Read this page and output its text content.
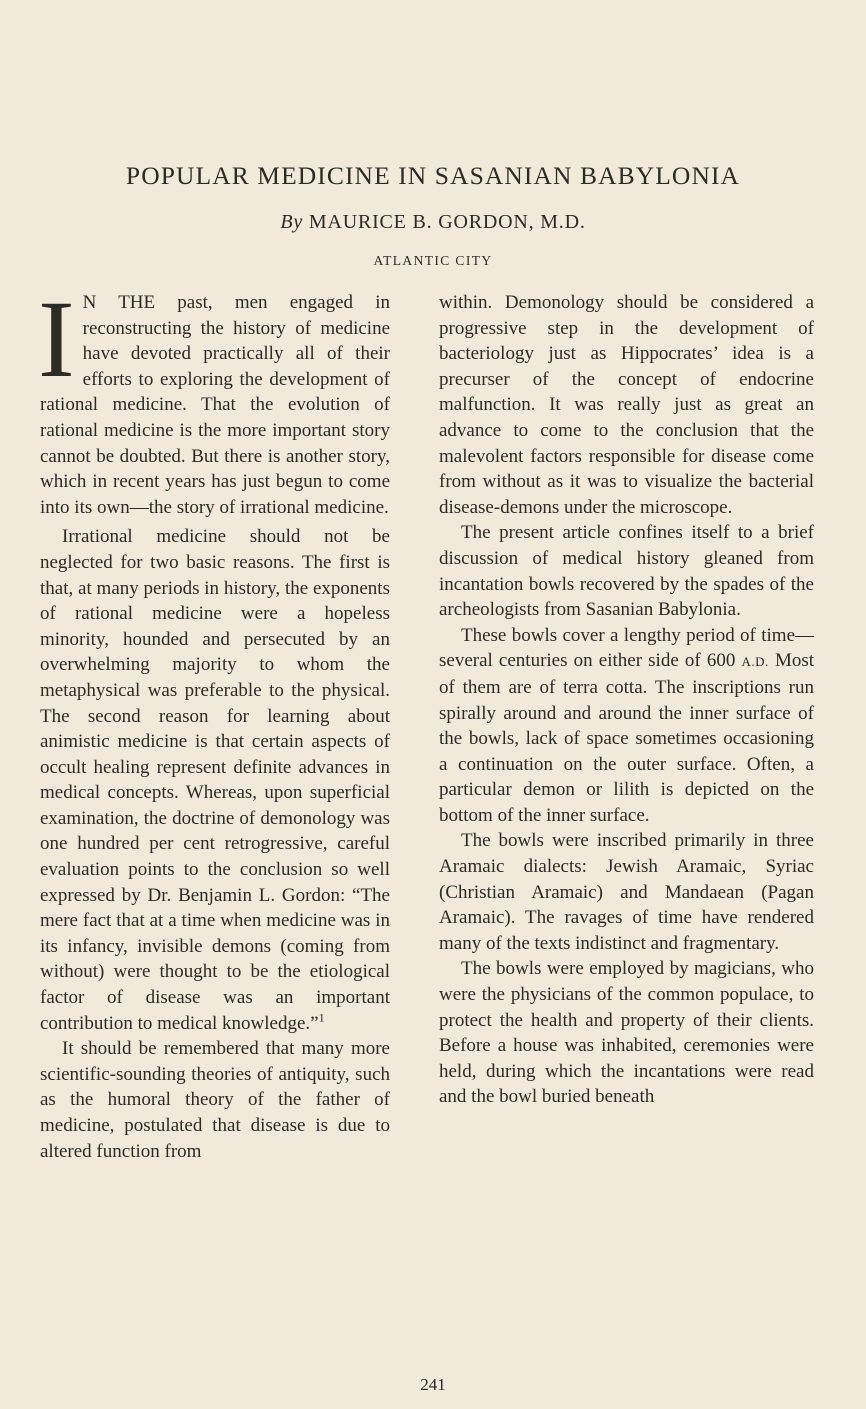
POPULAR MEDICINE IN SASANIAN BABYLONIA
By MAURICE B. GORDON, M.D.
ATLANTIC CITY

I N THE past, men engaged in reconstructing the history of medicine have devoted practically all of their efforts to exploring the development of rational medicine. That the evolution of rational medicine is the more important story cannot be doubted. But there is another story, which in recent years has just begun to come into its own—the story of irrational medicine.

Irrational medicine should not be neglected for two basic reasons. The first is that, at many periods in history, the exponents of rational medicine were a hopeless minority, hounded and persecuted by an overwhelming majority to whom the metaphysical was preferable to the physical. The second reason for learning about animistic medicine is that certain aspects of occult healing represent definite advances in medical concepts. Whereas, upon superficial examination, the doctrine of demonology was one hundred per cent retrogressive, careful evaluation points to the conclusion so well expressed by Dr. Benjamin L. Gordon: “The mere fact that at a time when medicine was in its infancy, invisible demons (coming from without) were thought to be the etiological factor of disease was an important contribution to medical knowledge.”$^1$

It should be remembered that many more scientific-sounding theories of antiquity, such as the humoral theory of the father of medicine, postulated that disease is due to altered function from

within. Demonology should be considered a progressive step in the development of bacteriology just as Hippocrates’ idea is a precurser of the concept of endocrine malfunction. It was really just as great an advance to come to the conclusion that the malevolent factors responsible for disease come from without as it was to visualize the bacterial disease-demons under the microscope.

The present article confines itself to a brief discussion of medical history gleaned from incantation bowls recovered by the spades of the archeologists from Sasanian Babylonia.

These bowls cover a lengthy period of time—several centuries on either side of 600 A.D. Most of them are of terra cotta. The inscriptions run spirally around and around the inner surface of the bowls, lack of space sometimes occasioning a continuation on the outer surface. Often, a particular demon or lilith is depicted on the bottom of the inner surface.

The bowls were inscribed primarily in three Aramaic dialects: Jewish Aramaic, Syriac (Christian Aramaic) and Mandaean (Pagan Aramaic). The ravages of time have rendered many of the texts indistinct and fragmentary.

The bowls were employed by magicians, who were the physicians of the common populace, to protect the health and property of their clients. Before a house was inhabited, ceremonies were held, during which the incantations were read and the bowl buried beneath

241
